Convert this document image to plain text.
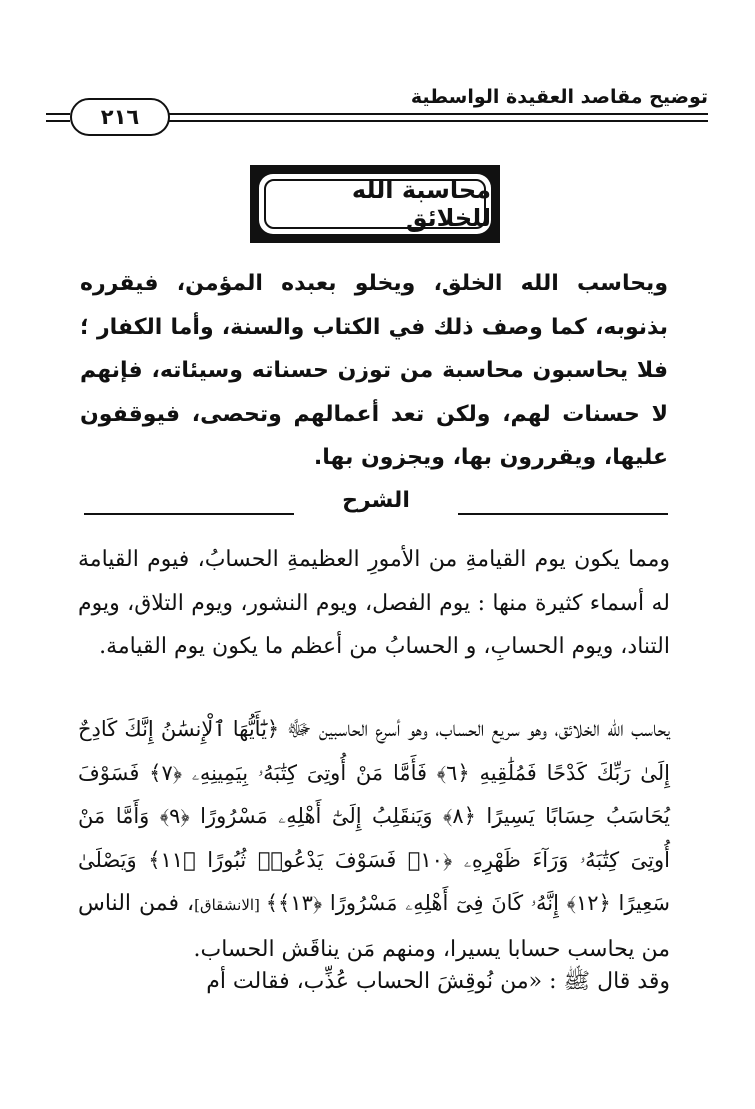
توضيح مقاصد العقيدة الواسطية
٢١٦
محاسبة الله للخلائق
ويحاسب الله الخلق، ويخلو بعبده المؤمن، فيقرره بذنوبه، كما وصف ذلك في الكتاب والسنة، وأما الكفار ؛ فلا يحاسبون محاسبة من توزن حسناته وسيئاته، فإنهم لا حسنات لهم، ولكن تعد أعمالهم وتحصى، فيوقفون عليها، ويقررون بها، ويجزون بها.
الشرح
ومما يكون يوم القيامةِ من الأمورِ العظيمةِ الحسابُ، فيوم القيامة له أسماء كثيرة منها : يوم الفصل، ويوم النشور، ويوم التلاق، ويوم التناد، ويوم الحسابِ، و الحسابُ من أعظم ما يكون يوم القيامة.
يحاسب الله الخلائق، وهو سريع الحساب، وهو أسرع الحاسبين ﷻ ﴿يَٰٓأَيُّهَا ٱلْإِنسَٰنُ إِنَّكَ كَادِحٌ إِلَىٰ رَبِّكَ كَدْحًا فَمُلَٰقِيهِ ﴿٦﴾ فَأَمَّا مَنْ أُوتِىَ كِتَٰبَهُۥ بِيَمِينِهِۦ ﴿٧﴾ فَسَوْفَ يُحَاسَبُ حِسَابًا يَسِيرًا ﴿٨﴾ وَيَنقَلِبُ إِلَىٰٓ أَهْلِهِۦ مَسْرُورًا ﴿٩﴾ وَأَمَّا مَنْ أُوتِىَ كِتَٰبَهُۥ وَرَآءَ ظَهْرِهِۦ ﴿١٠﴾ فَسَوْفَ يَدْعُوا۟ ثُبُورًا ﴿١١﴾ وَيَصْلَىٰ سَعِيرًا ﴿١٢﴾ إِنَّهُۥ كَانَ فِىٓ أَهْلِهِۦ مَسْرُورًا ﴿١٣﴾﴾ [الانشقاق]، فمن الناس من يحاسب حسابا يسيرا، ومنهم مَن يناقَش الحساب.
وقد قال ﷺ : «من نُوقِشَ الحساب عُذِّب، فقالت أم
